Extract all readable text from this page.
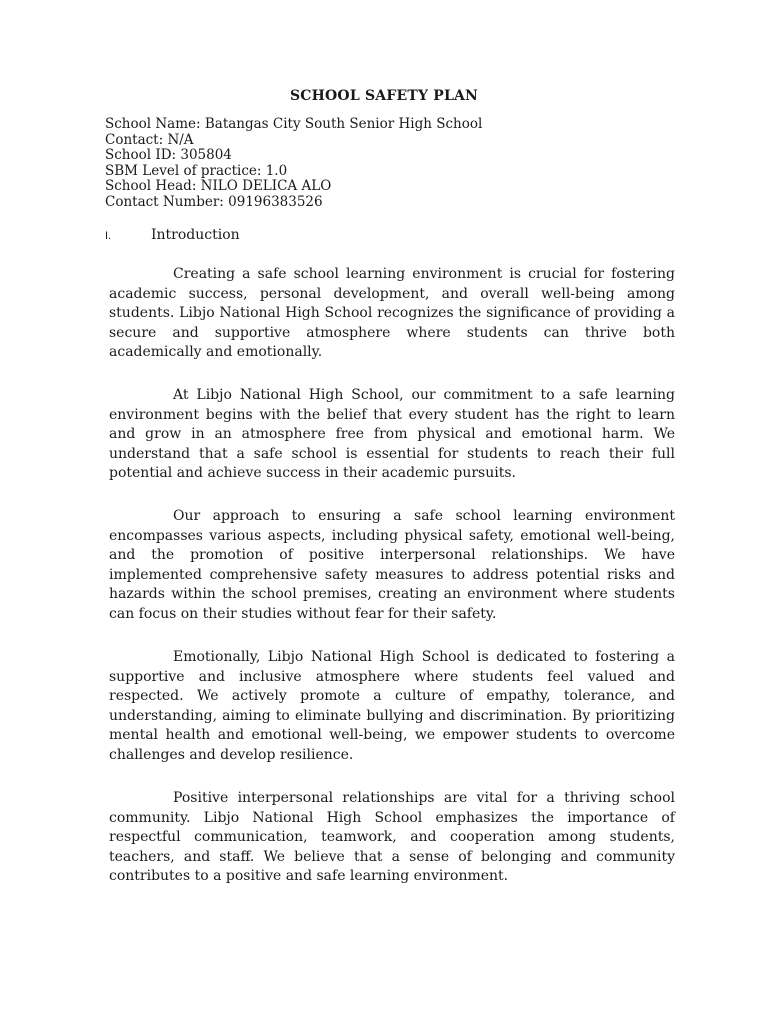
SCHOOL SAFETY PLAN
School Name: Batangas City South Senior High School
Contact: N/A
School ID: 305804
SBM Level of practice: 1.0
School Head: NILO DELICA ALO
Contact Number: 09196383526
I.	Introduction

Creating a safe school learning environment is crucial for fostering academic success, personal development, and overall well-being among students. Libjo National High School recognizes the significance of providing a secure and supportive atmosphere where students can thrive both academically and emotionally.

At Libjo National High School, our commitment to a safe learning environment begins with the belief that every student has the right to learn and grow in an atmosphere free from physical and emotional harm. We understand that a safe school is essential for students to reach their full potential and achieve success in their academic pursuits.

Our approach to ensuring a safe school learning environment encompasses various aspects, including physical safety, emotional well-being, and the promotion of positive interpersonal relationships. We have implemented comprehensive safety measures to address potential risks and hazards within the school premises, creating an environment where students can focus on their studies without fear for their safety.

Emotionally, Libjo National High School is dedicated to fostering a supportive and inclusive atmosphere where students feel valued and respected. We actively promote a culture of empathy, tolerance, and understanding, aiming to eliminate bullying and discrimination. By prioritizing mental health and emotional well-being, we empower students to overcome challenges and develop resilience.

Positive interpersonal relationships are vital for a thriving school community. Libjo National High School emphasizes the importance of respectful communication, teamwork, and cooperation among students, teachers, and staff. We believe that a sense of belonging and community contributes to a positive and safe learning environment.
